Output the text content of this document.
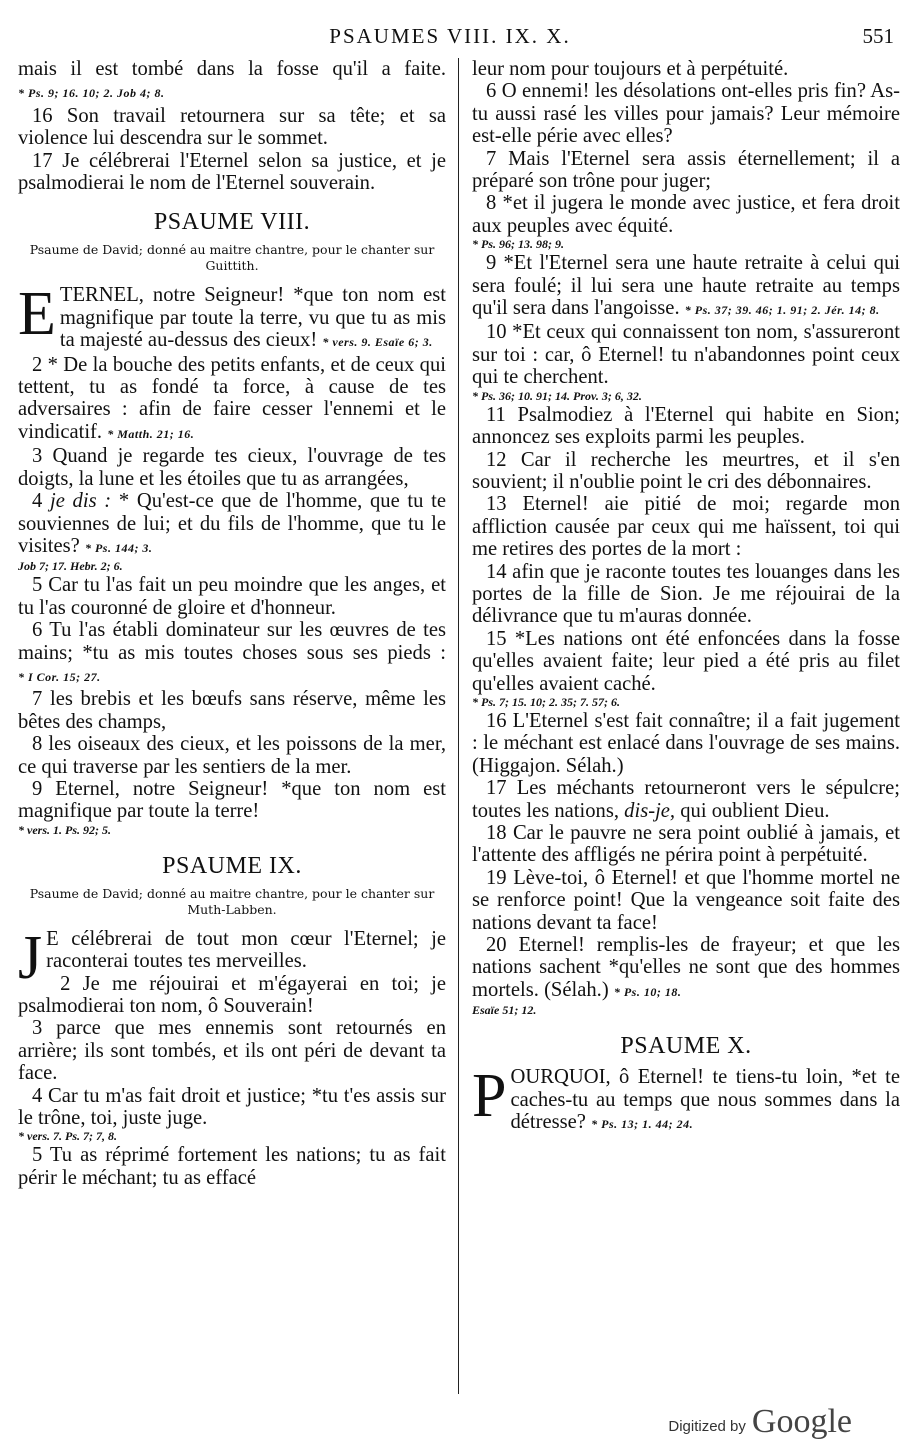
PSAUMES VIII. IX. X.	551

mais il est tombé dans la fosse qu'il a faite. * Ps. 9; 16. 10; 2. Job 4; 8.

16 Son travail retournera sur sa tête; et sa violence lui descendra sur le sommet.

17 Je célébrerai l'Eternel selon sa justice, et je psalmodierai le nom de l'Eternel souverain.

PSAUME VIII.
Psaume de David; donné au maitre chantre, pour le chanter sur Guittith.

ETERNEL, notre Seigneur! *que ton nom est magnifique par toute la terre, vu que tu as mis ta majesté au-dessus des cieux! * vers. 9. Esaïe 6; 3.

2 * De la bouche des petits enfants, et de ceux qui tettent, tu as fondé ta force, à cause de tes adversaires : afin de faire cesser l'ennemi et le vindicatif. * Matth. 21; 16.

3 Quand je regarde tes cieux, l'ouvrage de tes doigts, la lune et les étoiles que tu as arrangées,

4 je dis : * Qu'est-ce que de l'homme, que tu te souviennes de lui; et du fils de l'homme, que tu le visites? * Ps. 144; 3.

Job 7; 17. Hebr. 2; 6.

5 Car tu l'as fait un peu moindre que les anges, et tu l'as couronné de gloire et d'honneur.

6 Tu l'as établi dominateur sur les œuvres de tes mains; *tu as mis toutes choses sous ses pieds : * I Cor. 15; 27.

7 les brebis et les bœufs sans réserve, même les bêtes des champs,

8 les oiseaux des cieux, et les poissons de la mer, ce qui traverse par les sentiers de la mer.

9 Eternel, notre Seigneur! *que ton nom est magnifique par toute la terre!

* vers. 1. Ps. 92; 5.

PSAUME IX.
Psaume de David; donné au maitre chantre, pour le chanter sur Muth-Labben.

J E célébrerai de tout mon cœur l'Eternel; je raconterai toutes tes merveilles.

2 Je me réjouirai et m'égayerai en toi; je psalmodierai ton nom, ô Souverain!

3 parce que mes ennemis sont retournés en arrière; ils sont tombés, et ils ont péri de devant ta face.

4 Car tu m'as fait droit et justice; *tu t'es assis sur le trône, toi, juste juge.

* vers. 7. Ps. 7; 7, 8.

5 Tu as réprimé fortement les nations; tu as fait périr le méchant; tu as effacé

leur nom pour toujours et à perpétuité.

6 O ennemi! les désolations ont-elles pris fin? As-tu aussi rasé les villes pour jamais? Leur mémoire est-elle périe avec elles?

7 Mais l'Eternel sera assis éternellement; il a préparé son trône pour juger;

8 *et il jugera le monde avec justice, et fera droit aux peuples avec équité.

* Ps. 96; 13. 98; 9.

9 *Et l'Eternel sera une haute retraite à celui qui sera foulé; il lui sera une haute retraite au temps qu'il sera dans l'angoisse. * Ps. 37; 39. 46; 1. 91; 2. Jér. 14; 8.

10 *Et ceux qui connaissent ton nom, s'assureront sur toi : car, ô Eternel! tu n'abandonnes point ceux qui te cherchent.

* Ps. 36; 10. 91; 14. Prov. 3; 6, 32.

11 Psalmodiez à l'Eternel qui habite en Sion; annoncez ses exploits parmi les peuples.

12 Car il recherche les meurtres, et il s'en souvient; il n'oublie point le cri des débonnaires.

13 Eternel! aie pitié de moi; regarde mon affliction causée par ceux qui me haïssent, toi qui me retires des portes de la mort :

14 afin que je raconte toutes tes louanges dans les portes de la fille de Sion. Je me réjouirai de la délivrance que tu m'auras donnée.

15 *Les nations ont été enfoncées dans la fosse qu'elles avaient faite; leur pied a été pris au filet qu'elles avaient caché.

* Ps. 7; 15. 10; 2. 35; 7. 57; 6.

16 L'Eternel s'est fait connaître; il a fait jugement : le méchant est enlacé dans l'ouvrage de ses mains. (Higgajon. Sélah.)

17 Les méchants retourneront vers le sépulcre; toutes les nations, dis-je, qui oublient Dieu.

18 Car le pauvre ne sera point oublié à jamais, et l'attente des affligés ne périra point à perpétuité.

19 Lève-toi, ô Eternel! et que l'homme mortel ne se renforce point! Que la vengeance soit faite des nations devant ta face!

20 Eternel! remplis-les de frayeur; et que les nations sachent *qu'elles ne sont que des hommes mortels. (Sélah.) * Ps. 10; 18.

Esaïe 51; 12.

PSAUME X.

POURQUOI, ô Eternel! te tiens-tu loin, *et te caches-tu au temps que nous sommes dans la détresse? * Ps. 13; 1. 44; 24.

Digitized by Google
